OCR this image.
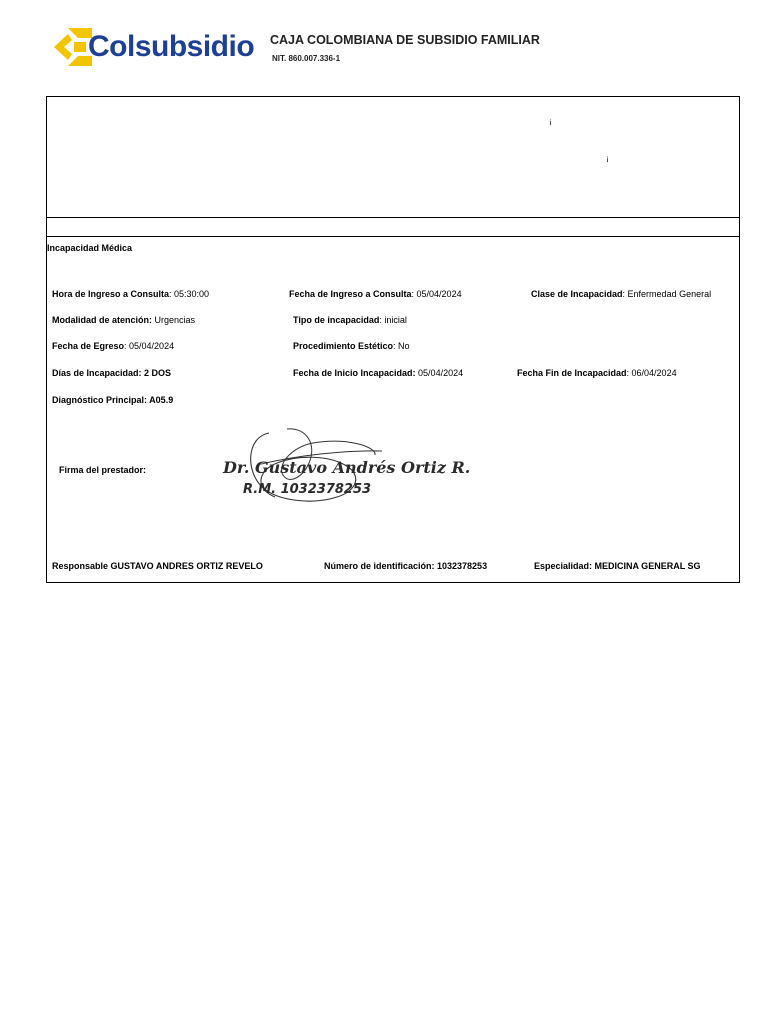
Colsubsidio CAJA COLOMBIANA DE SUBSIDIO FAMILIAR
NIT. 860.007.336-1
¡
¡
Incapacidad Médica
Hora de Ingreso a Consulta: 05:30:00	Fecha de Ingreso a Consulta: 05/04/2024	Clase de Incapacidad: Enfermedad General
Modalidad de atención: Urgencias	Tipo de incapacidad: inicial
Fecha de Egreso: 05/04/2024	Procedimiento Estético: No
Días de Incapacidad: 2 DOS	Fecha de Inicio Incapacidad: 05/04/2024	Fecha Fin de Incapacidad: 06/04/2024
Diagnóstico Principal: A05.9
Firma del prestador:	Dr. Gustavo Andrés Ortiz R.
R.M. 1032378253
Responsable GUSTAVO ANDRES ORTIZ REVELO	Número de identificación: 1032378253	Especialidad: MEDICINA GENERAL SG
